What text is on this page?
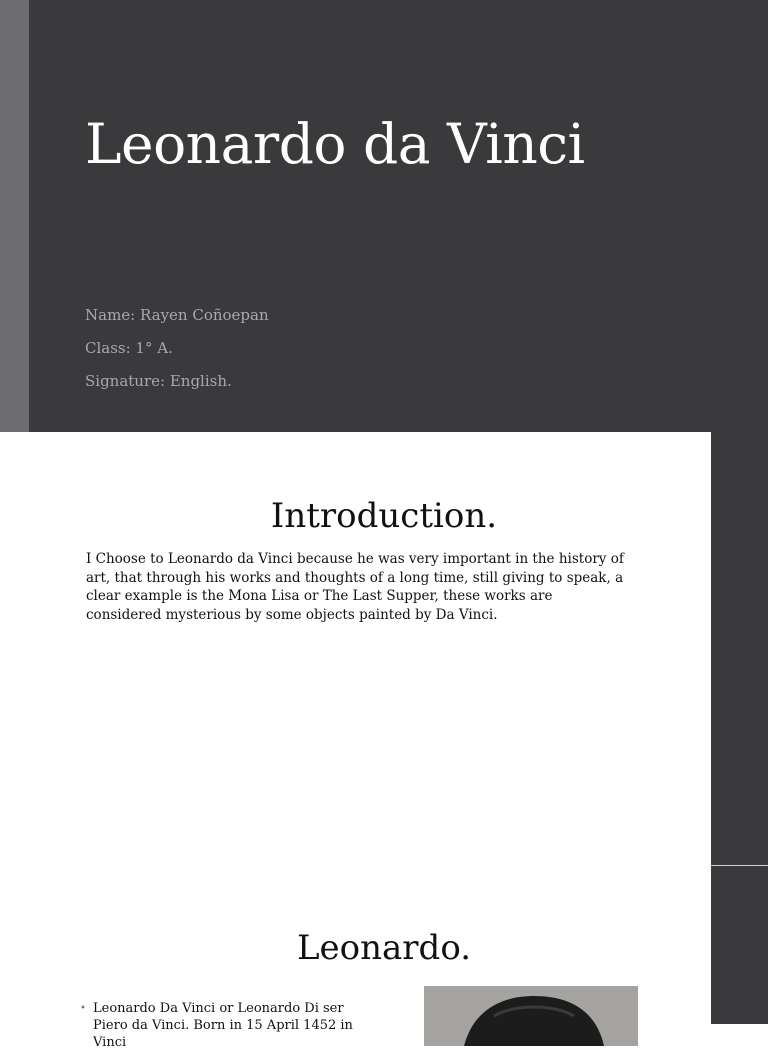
Leonardo da Vinci
Name: Rayen Coñoepan
Class: 1° A.
Signature: English.
Introduction.

I Choose to Leonardo da Vinci because he was very important in the history of art, that through his works and thoughts of a long time, still giving to speak, a clear example is the Mona Lisa or The Last Supper, these works are considered mysterious by some objects painted by Da Vinci.

Leonardo.
• Leonardo Da Vinci or Leonardo Di ser Piero da Vinci. Born in 15 April 1452 in Vinci
